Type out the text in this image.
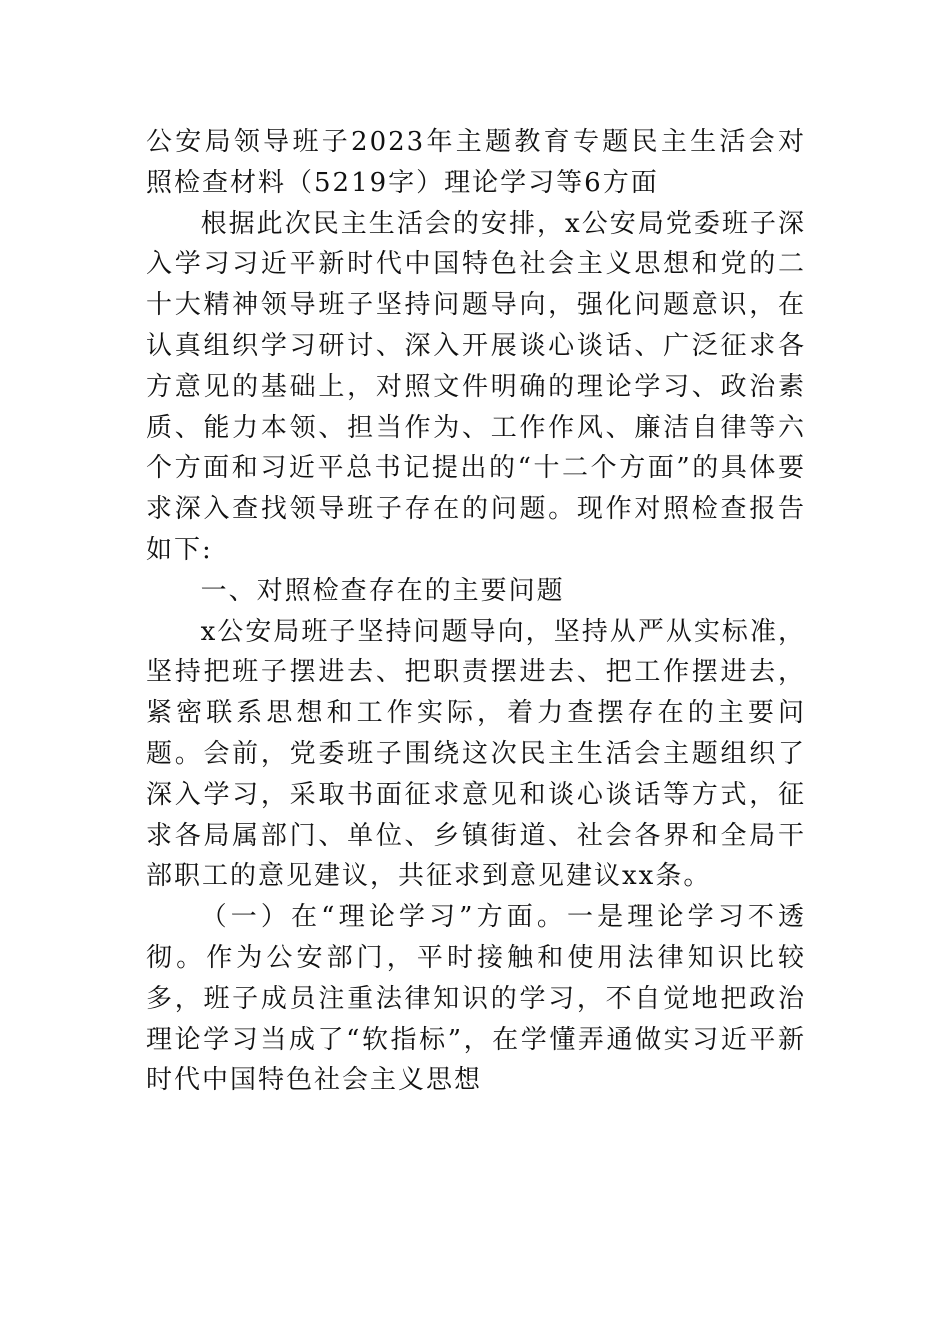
公安局领导班子2023年主题教育专题民主生活会对照检查材料（5219字）理论学习等6方面

根据此次民主生活会的安排，x公安局党委班子深入学习习近平新时代中国特色社会主义思想和党的二十大精神领导班子坚持问题导向，强化问题意识，在认真组织学习研讨、深入开展谈心谈话、广泛征求各方意见的基础上，对照文件明确的理论学习、政治素质、能力本领、担当作为、工作作风、廉洁自律等六个方面和习近平总书记提出的“十二个方面”的具体要求深入查找领导班子存在的问题。现作对照检查报告如下:

一、对照检查存在的主要问题

x公安局班子坚持问题导向，坚持从严从实标准，坚持把班子摆进去、把职责摆进去、把工作摆进去，紧密联系思想和工作实际，着力查摆存在的主要问题。会前，党委班子围绕这次民主生活会主题组织了深入学习，采取书面征求意见和谈心谈话等方式，征求各局属部门、单位、乡镇街道、社会各界和全局干部职工的意见建议，共征求到意见建议xx条。

（一）在“理论学习”方面。一是理论学习不透彻。作为公安部门，平时接触和使用法律知识比较多，班子成员注重法律知识的学习，不自觉地把政治理论学习当成了“软指标”，在学懂弄通做实习近平新时代中国特色社会主义思想
